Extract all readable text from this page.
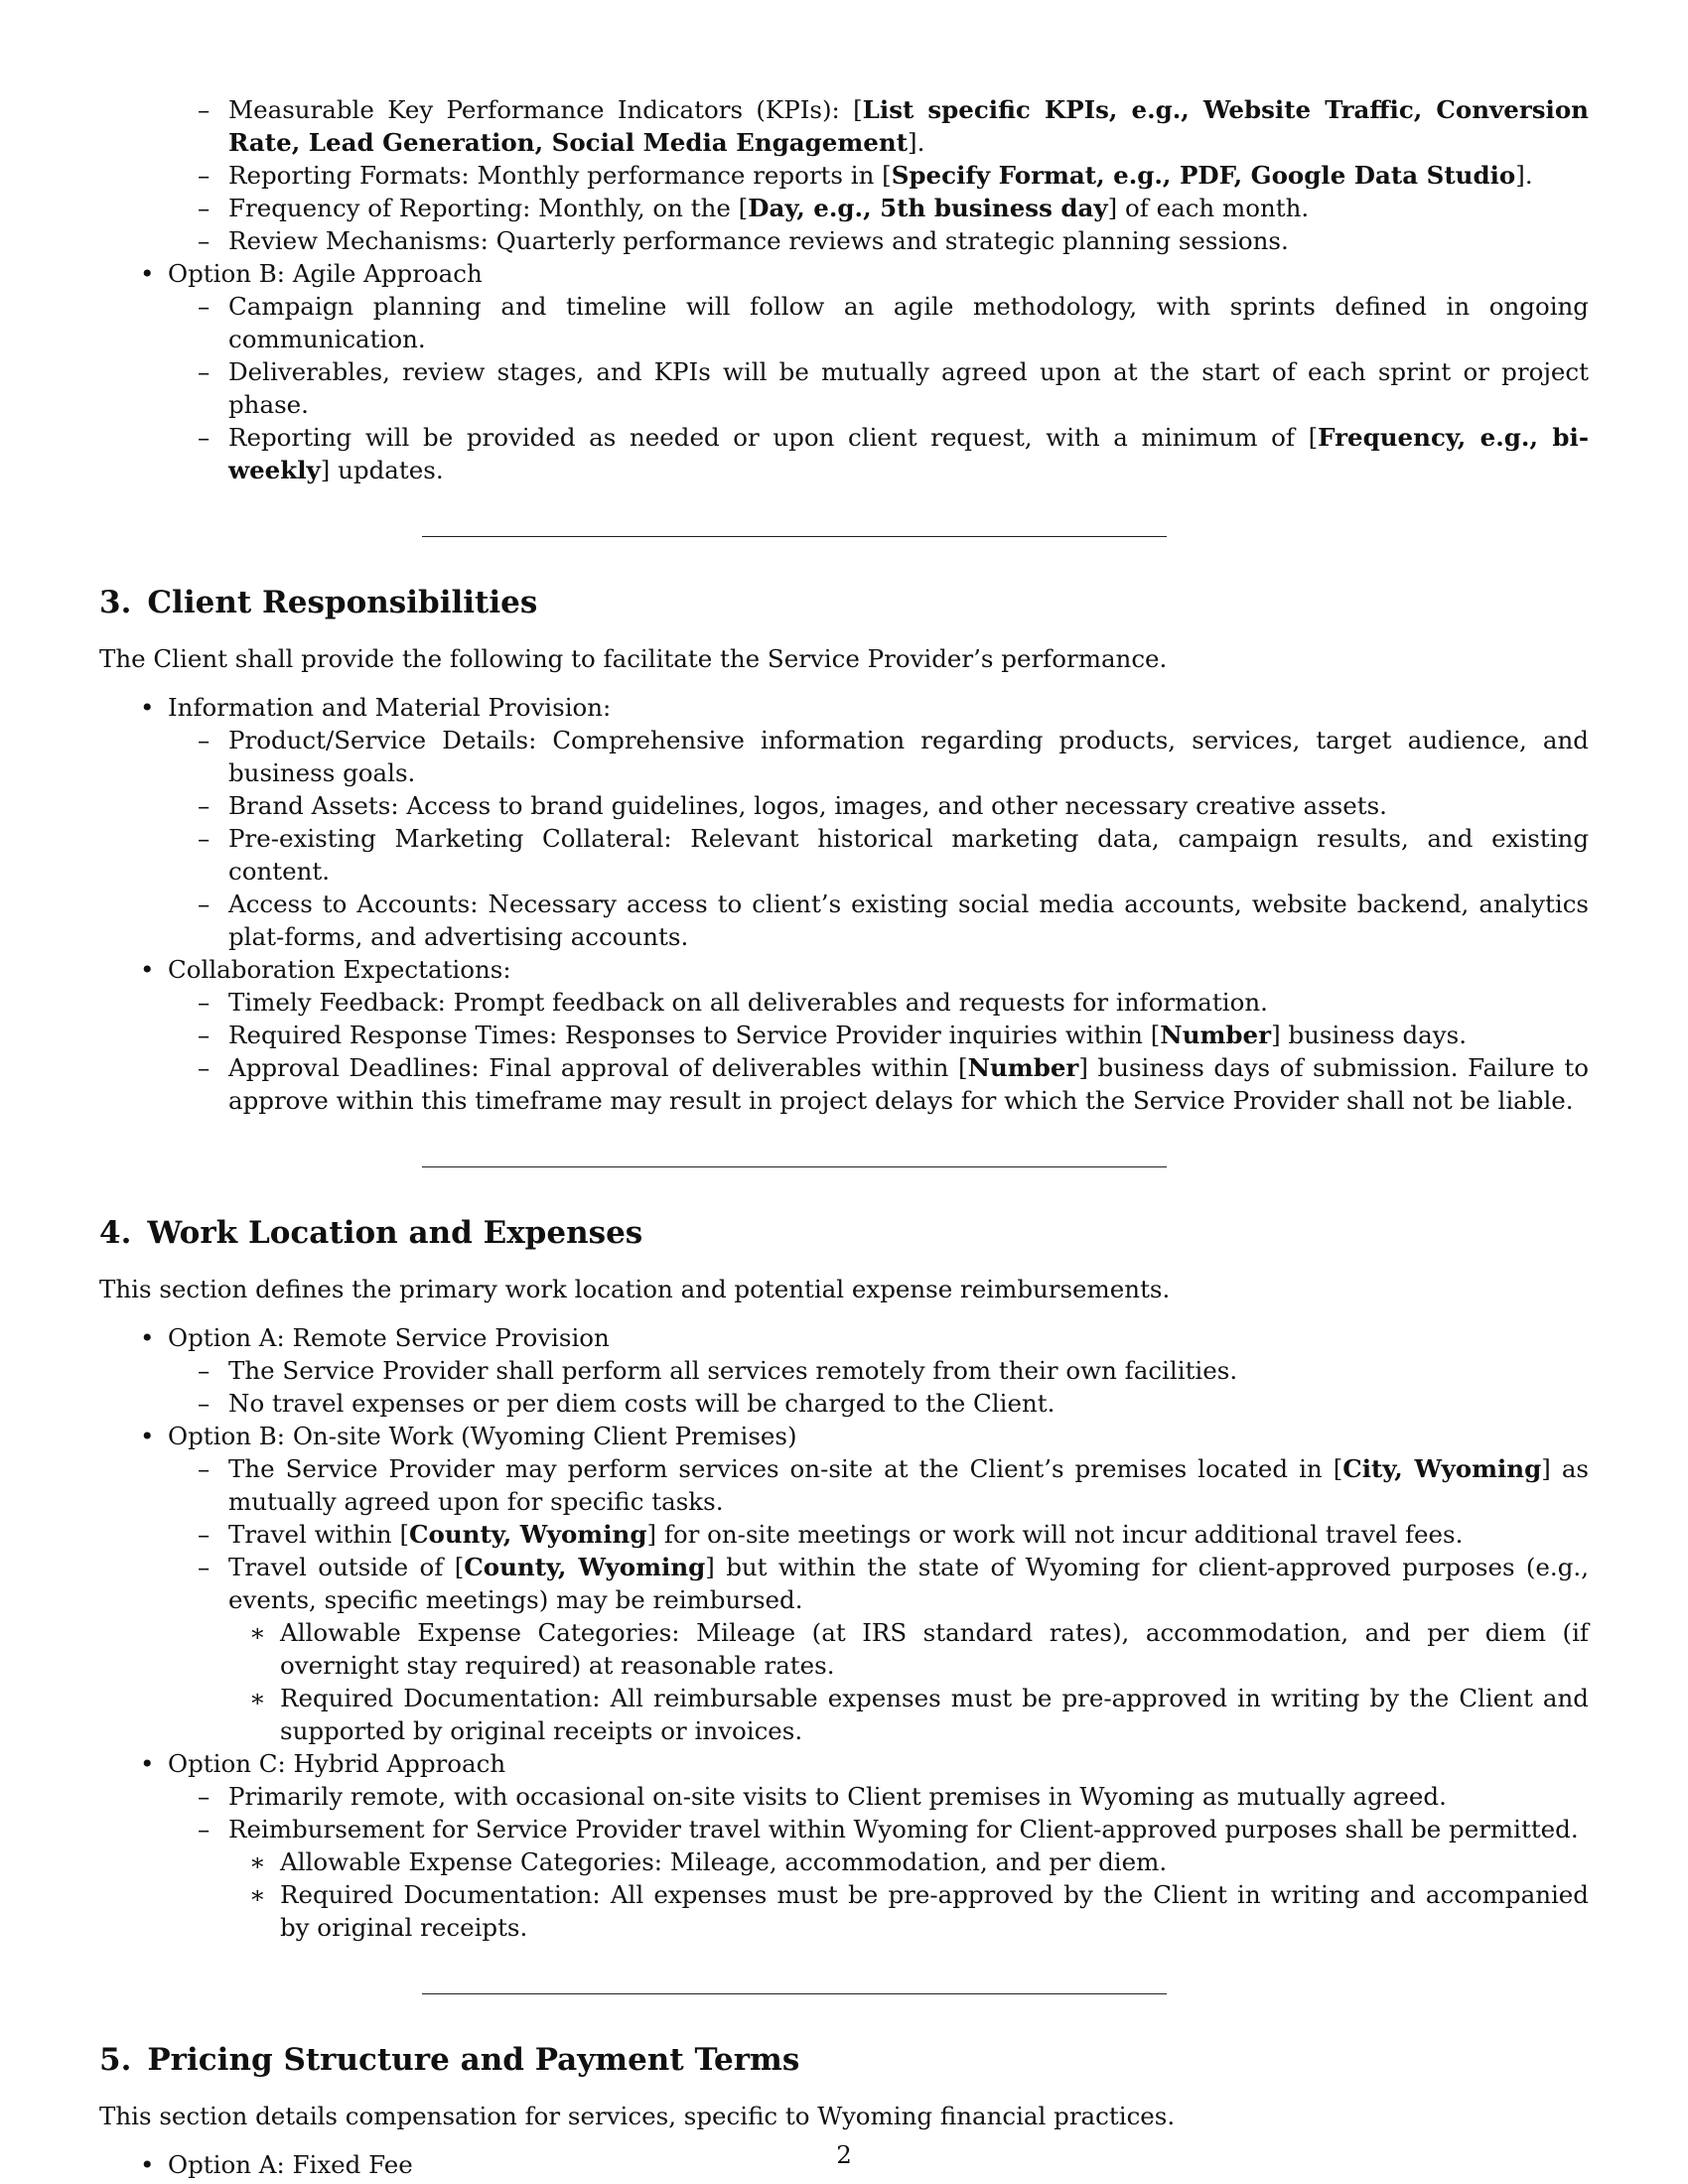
– Measurable Key Performance Indicators (KPIs): [List specific KPIs, e.g., Website Traffic, Conversion Rate, Lead Generation, Social Media Engagement].
– Reporting Formats: Monthly performance reports in [Specify Format, e.g., PDF, Google Data Studio].
– Frequency of Reporting: Monthly, on the [Day, e.g., 5th business day] of each month.
– Review Mechanisms: Quarterly performance reviews and strategic planning sessions.
• Option B: Agile Approach
– Campaign planning and timeline will follow an agile methodology, with sprints defined in ongoing communication.
– Deliverables, review stages, and KPIs will be mutually agreed upon at the start of each sprint or project phase.
– Reporting will be provided as needed or upon client request, with a minimum of [Frequency, e.g., bi-weekly] updates.
3. Client Responsibilities
The Client shall provide the following to facilitate the Service Provider’s performance.
• Information and Material Provision:
– Product/Service Details: Comprehensive information regarding products, services, target audience, and business goals.
– Brand Assets: Access to brand guidelines, logos, images, and other necessary creative assets.
– Pre-existing Marketing Collateral: Relevant historical marketing data, campaign results, and existing content.
– Access to Accounts: Necessary access to client’s existing social media accounts, website backend, analytics plat-forms, and advertising accounts.
• Collaboration Expectations:
– Timely Feedback: Prompt feedback on all deliverables and requests for information.
– Required Response Times: Responses to Service Provider inquiries within [Number] business days.
– Approval Deadlines: Final approval of deliverables within [Number] business days of submission. Failure to approve within this timeframe may result in project delays for which the Service Provider shall not be liable.
4. Work Location and Expenses
This section defines the primary work location and potential expense reimbursements.
• Option A: Remote Service Provision
– The Service Provider shall perform all services remotely from their own facilities.
– No travel expenses or per diem costs will be charged to the Client.
• Option B: On-site Work (Wyoming Client Premises)
– The Service Provider may perform services on-site at the Client’s premises located in [City, Wyoming] as mutually agreed upon for specific tasks.
– Travel within [County, Wyoming] for on-site meetings or work will not incur additional travel fees.
– Travel outside of [County, Wyoming] but within the state of Wyoming for client-approved purposes (e.g., events, specific meetings) may be reimbursed.
∗ Allowable Expense Categories: Mileage (at IRS standard rates), accommodation, and per diem (if overnight stay required) at reasonable rates.
∗ Required Documentation: All reimbursable expenses must be pre-approved in writing by the Client and supported by original receipts or invoices.
• Option C: Hybrid Approach
– Primarily remote, with occasional on-site visits to Client premises in Wyoming as mutually agreed.
– Reimbursement for Service Provider travel within Wyoming for Client-approved purposes shall be permitted.
∗ Allowable Expense Categories: Mileage, accommodation, and per diem.
∗ Required Documentation: All expenses must be pre-approved by the Client in writing and accompanied by original receipts.
5. Pricing Structure and Payment Terms
This section details compensation for services, specific to Wyoming financial practices.
• Option A: Fixed Fee	2
